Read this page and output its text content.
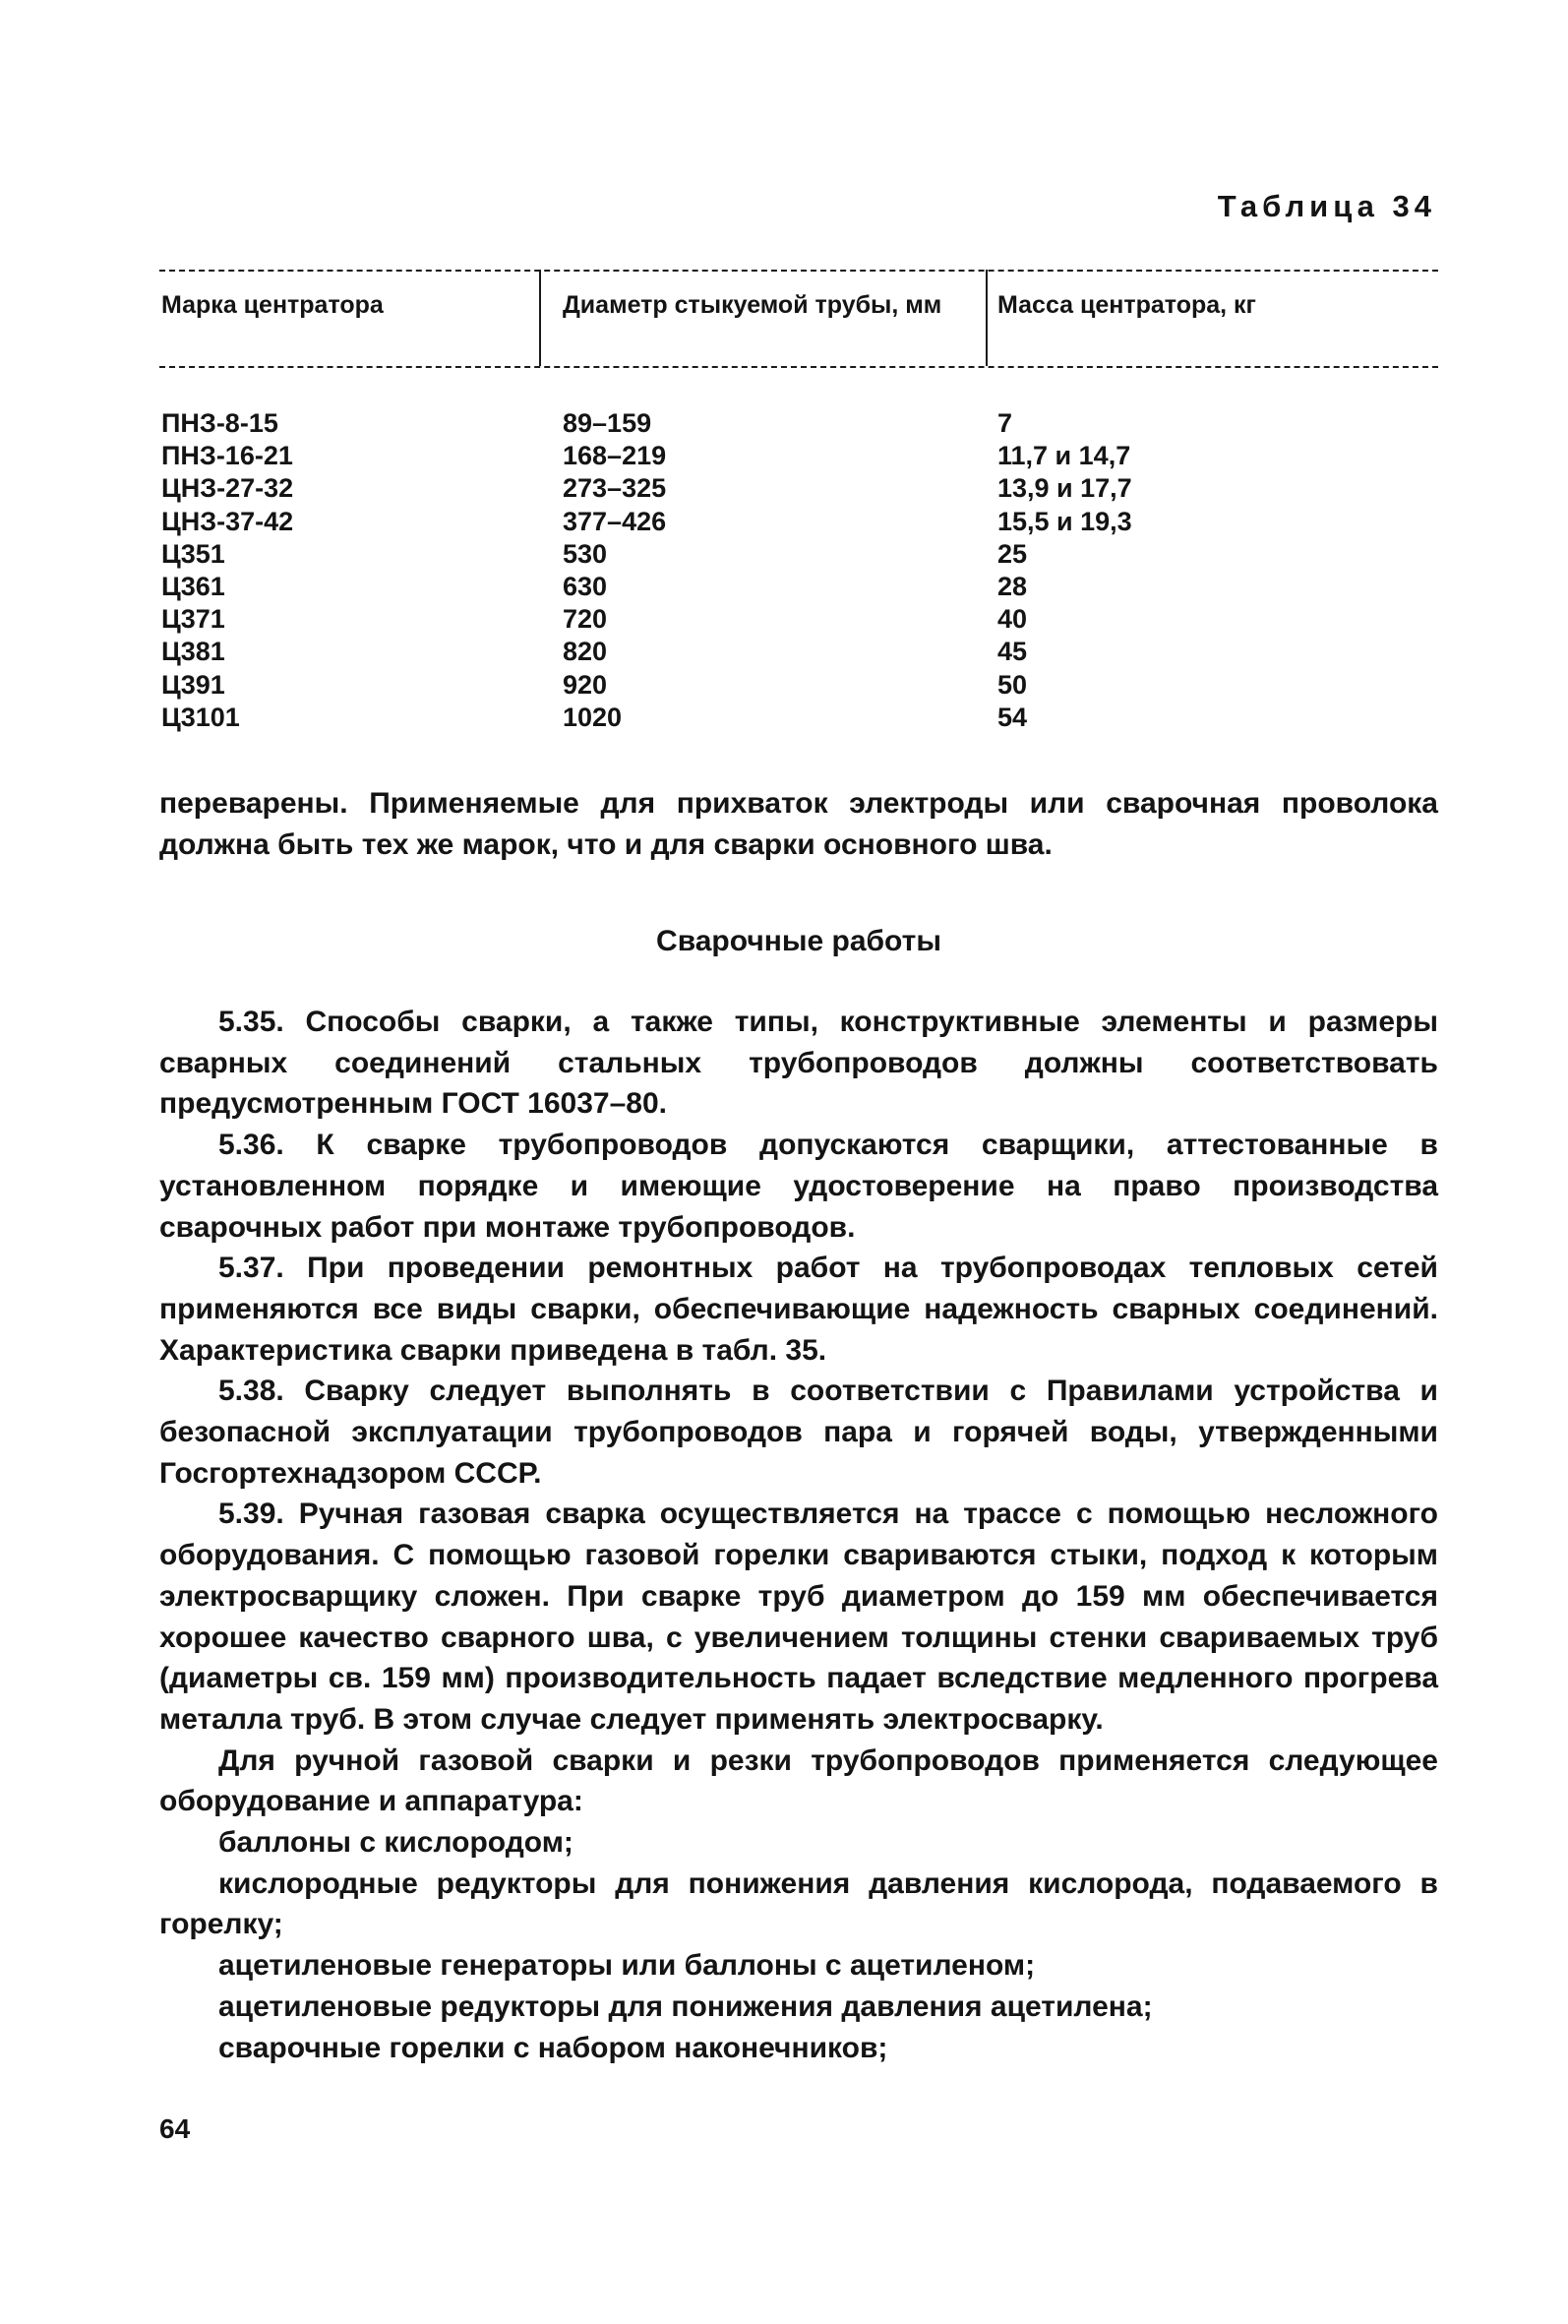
Таблица 34
Марка центратора	Диаметр стыкуемой трубы, мм	Масса центратора, кг
ПНЗ-8-15	89–159	7
ПНЗ-16-21	168–219	11,7 и 14,7
ЦНЗ-27-32	273–325	13,9 и 17,7
ЦНЗ-37-42	377–426	15,5 и 19,3
Ц351	530	25
Ц361	630	28
Ц371	720	40
Ц381	820	45
Ц391	920	50
Ц3101	1020	54

переварены. Применяемые для прихваток электроды или сварочная проволока должна быть тех же марок, что и для сварки основного шва.

Сварочные работы

5.35. Способы сварки, а также типы, конструктивные элементы и размеры сварных соединений стальных трубопроводов должны соответствовать предусмотренным ГОСТ 16037–80.

5.36. К сварке трубопроводов допускаются сварщики, аттестованные в установленном порядке и имеющие удостоверение на право производства сварочных работ при монтаже трубопроводов.

5.37. При проведении ремонтных работ на трубопроводах тепловых сетей применяются все виды сварки, обеспечивающие надежность сварных соединений. Характеристика сварки приведена в табл. 35.

5.38. Сварку следует выполнять в соответствии с Правилами устройства и безопасной эксплуатации трубопроводов пара и горячей воды, утвержденными Госгортехнадзором СССР.

5.39. Ручная газовая сварка осуществляется на трассе с помощью несложного оборудования. С помощью газовой горелки свариваются стыки, подход к которым электросварщику сложен. При сварке труб диаметром до 159 мм обеспечивается хорошее качество сварного шва, с увеличением толщины стенки свариваемых труб (диаметры св. 159 мм) производительность падает вследствие медленного прогрева металла труб. В этом случае следует применять электросварку.

Для ручной газовой сварки и резки трубопроводов применяется следующее оборудование и аппаратура:

баллоны с кислородом;

кислородные редукторы для понижения давления кислорода, подаваемого в горелку;

ацетиленовые генераторы или баллоны с ацетиленом;

ацетиленовые редукторы для понижения давления ацетилена;

сварочные горелки с набором наконечников;

64
